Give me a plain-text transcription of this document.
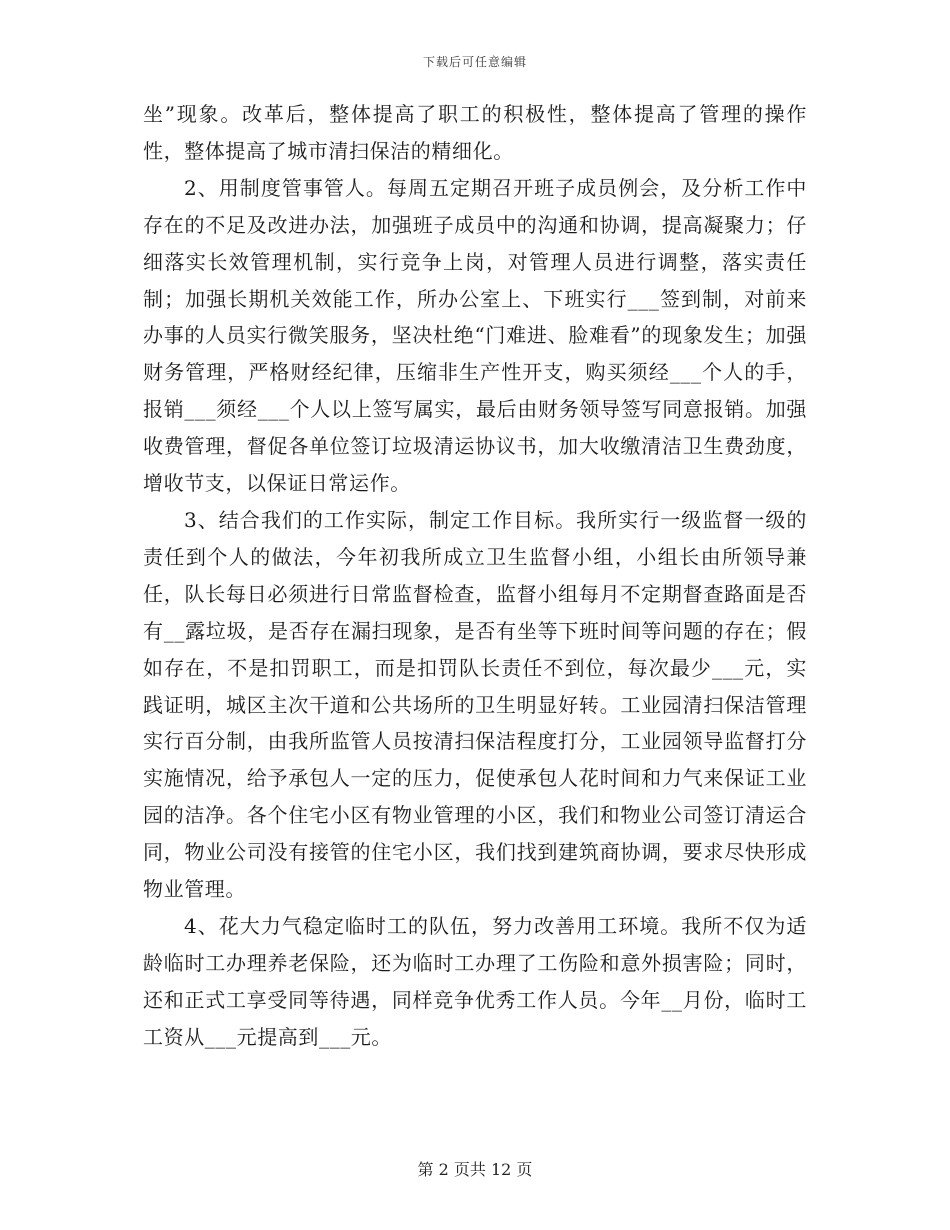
下载后可任意编辑

坐”现象。改革后，整体提高了职工的积极性，整体提高了管理的操作性，整体提高了城市清扫保洁的精细化。

2、用制度管事管人。每周五定期召开班子成员例会，及分析工作中存在的不足及改进办法，加强班子成员中的沟通和协调，提高凝聚力；仔细落实长效管理机制，实行竞争上岗，对管理人员进行调整，落实责任制；加强长期机关效能工作，所办公室上、下班实行___签到制，对前来办事的人员实行微笑服务，坚决杜绝“门难进、脸难看”的现象发生；加强财务管理，严格财经纪律，压缩非生产性开支，购买须经___个人的手，报销___须经___个人以上签写属实，最后由财务领导签写同意报销。加强收费管理，督促各单位签订垃圾清运协议书，加大收缴清洁卫生费劲度，增收节支，以保证日常运作。

3、结合我们的工作实际，制定工作目标。我所实行一级监督一级的责任到个人的做法，今年初我所成立卫生监督小组，小组长由所领导兼任，队长每日必须进行日常监督检查，监督小组每月不定期督查路面是否有__露垃圾，是否存在漏扫现象，是否有坐等下班时间等问题的存在；假如存在，不是扣罚职工，而是扣罚队长责任不到位，每次最少___元，实践证明，城区主次干道和公共场所的卫生明显好转。工业园清扫保洁管理实行百分制，由我所监管人员按清扫保洁程度打分，工业园领导监督打分实施情况，给予承包人一定的压力，促使承包人花时间和力气来保证工业园的洁净。各个住宅小区有物业管理的小区，我们和物业公司签订清运合同，物业公司没有接管的住宅小区，我们找到建筑商协调，要求尽快形成物业管理。

4、花大力气稳定临时工的队伍，努力改善用工环境。我所不仅为适龄临时工办理养老保险，还为临时工办理了工伤险和意外损害险；同时，还和正式工享受同等待遇，同样竞争优秀工作人员。今年__月份，临时工工资从___元提高到___元。

第 2 页共 12 页
